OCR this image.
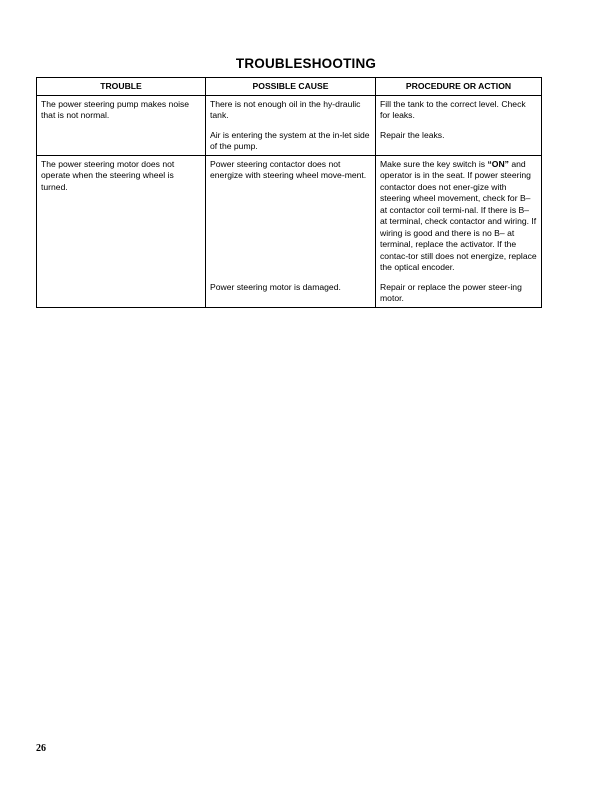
TROUBLESHOOTING
TROUBLE	POSSIBLE CAUSE	PROCEDURE OR ACTION
The power steering pump makes noise that is not normal.	There is not enough oil in the hy-draulic tank.	Fill the tank to the correct level. Check for leaks.
	Air is entering the system at the in-let side of the pump.	Repair the leaks.
The power steering motor does not operate when the steering wheel is turned.	Power steering contactor does not energize with steering wheel move-ment.	Make sure the key switch is “ON” and operator is in the seat. If power steering contactor does not ener-gize with steering wheel movement, check for B– at contactor coil termi-nal. If there is B– at terminal, check contactor and wiring. If wiring is good and there is no B– at terminal, replace the activator. If the contac-tor still does not energize, replace the optical encoder.
	Power steering motor is damaged.	Repair or replace the power steer-ing motor.
26
